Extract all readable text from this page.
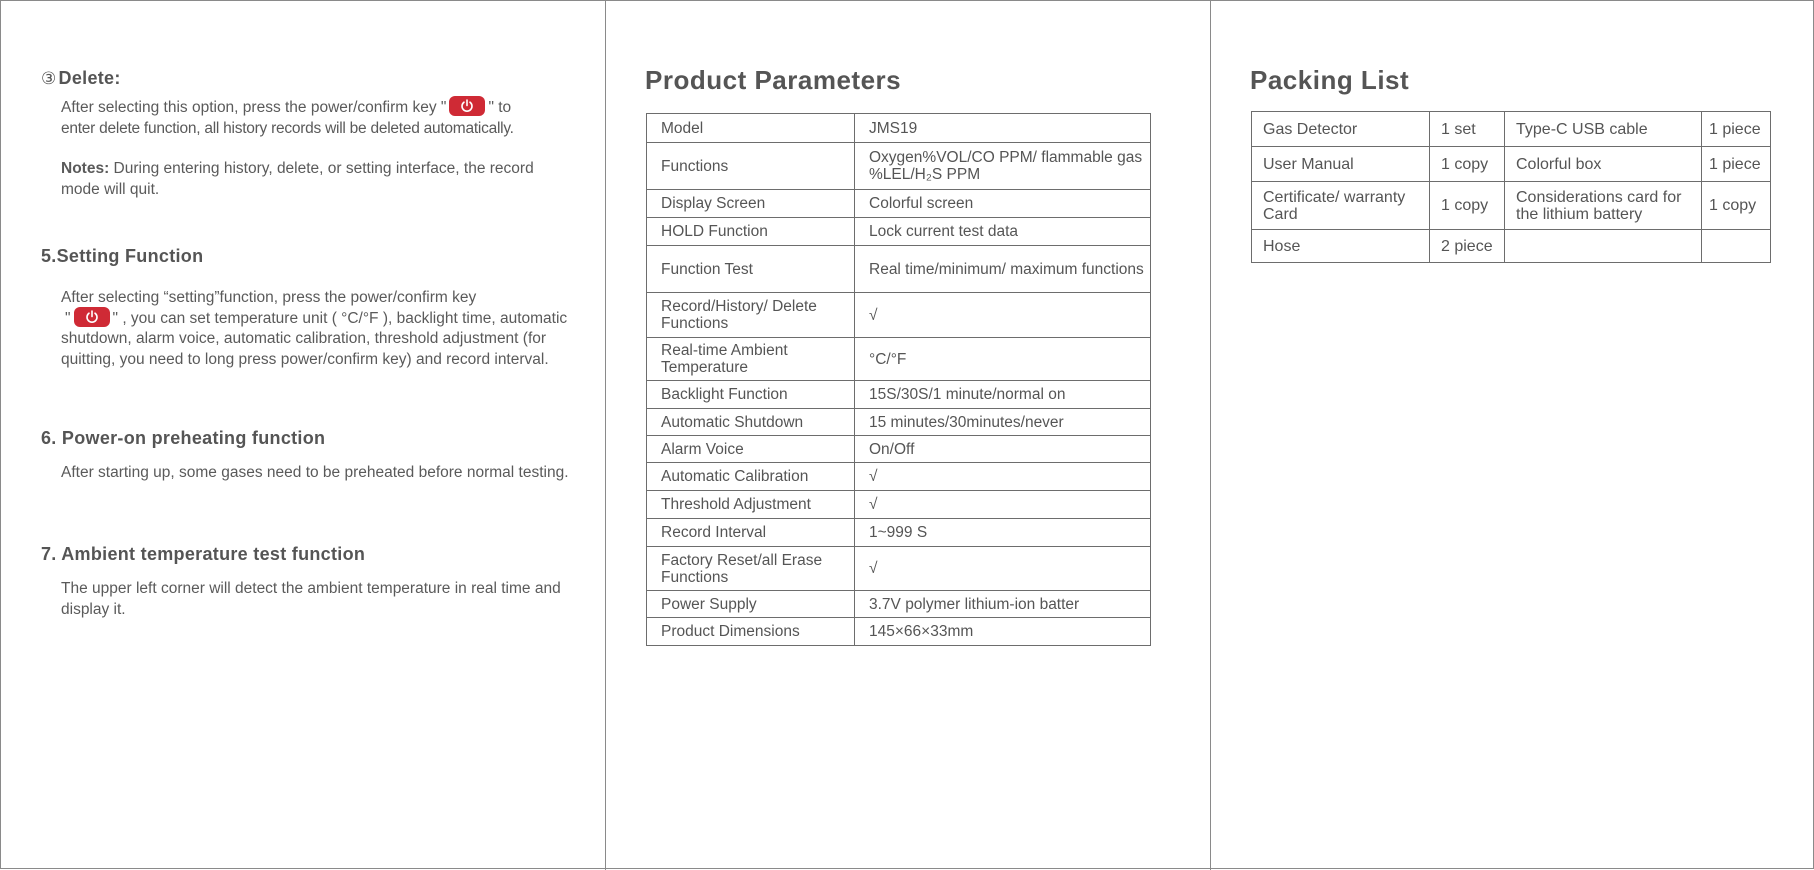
③ Delete:
After selecting this option, press the power/confirm key "	" to
enter delete function, all history records will be deleted automatically.
Notes: During entering history, delete, or setting interface, the record mode will quit.
5.Setting Function
After selecting “setting”function, press the power/confirm key
"	" , you can set temperature unit ( °C/°F ), backlight time, automatic shutdown, alarm voice, automatic calibration, threshold adjustment (for quitting, you need to long press power/confirm key) and record interval.
6. Power-on preheating function
After starting up, some gases need to be preheated before normal testing.
7. Ambient temperature test function
The upper left corner will detect the ambient temperature in real time and display it.
Product Parameters
Model	JMS19
Functions	Oxygen%VOL/CO PPM/ flammable gas %LEL/H₂S PPM
Display Screen	Colorful screen
HOLD Function	Lock current test data
Function Test	Real time/minimum/ maximum functions
Record/History/ Delete Functions	√
Real-time Ambient Temperature	°C/°F
Backlight Function	15S/30S/1 minute/normal on
Automatic Shutdown	15 minutes/30minutes/never
Alarm Voice	On/Off
Automatic Calibration	√
Threshold Adjustment	√
Record Interval	1~999 S
Factory Reset/all Erase Functions	√
Power Supply	3.7V polymer lithium-ion batter
Product Dimensions	145×66×33mm
Packing List
Gas Detector	1 set	Type-C USB cable	1 piece
User Manual	1 copy	Colorful box	1 piece
Certificate/ warranty Card	1 copy	Considerations card for the lithium battery	1 copy
Hose	2 piece		
